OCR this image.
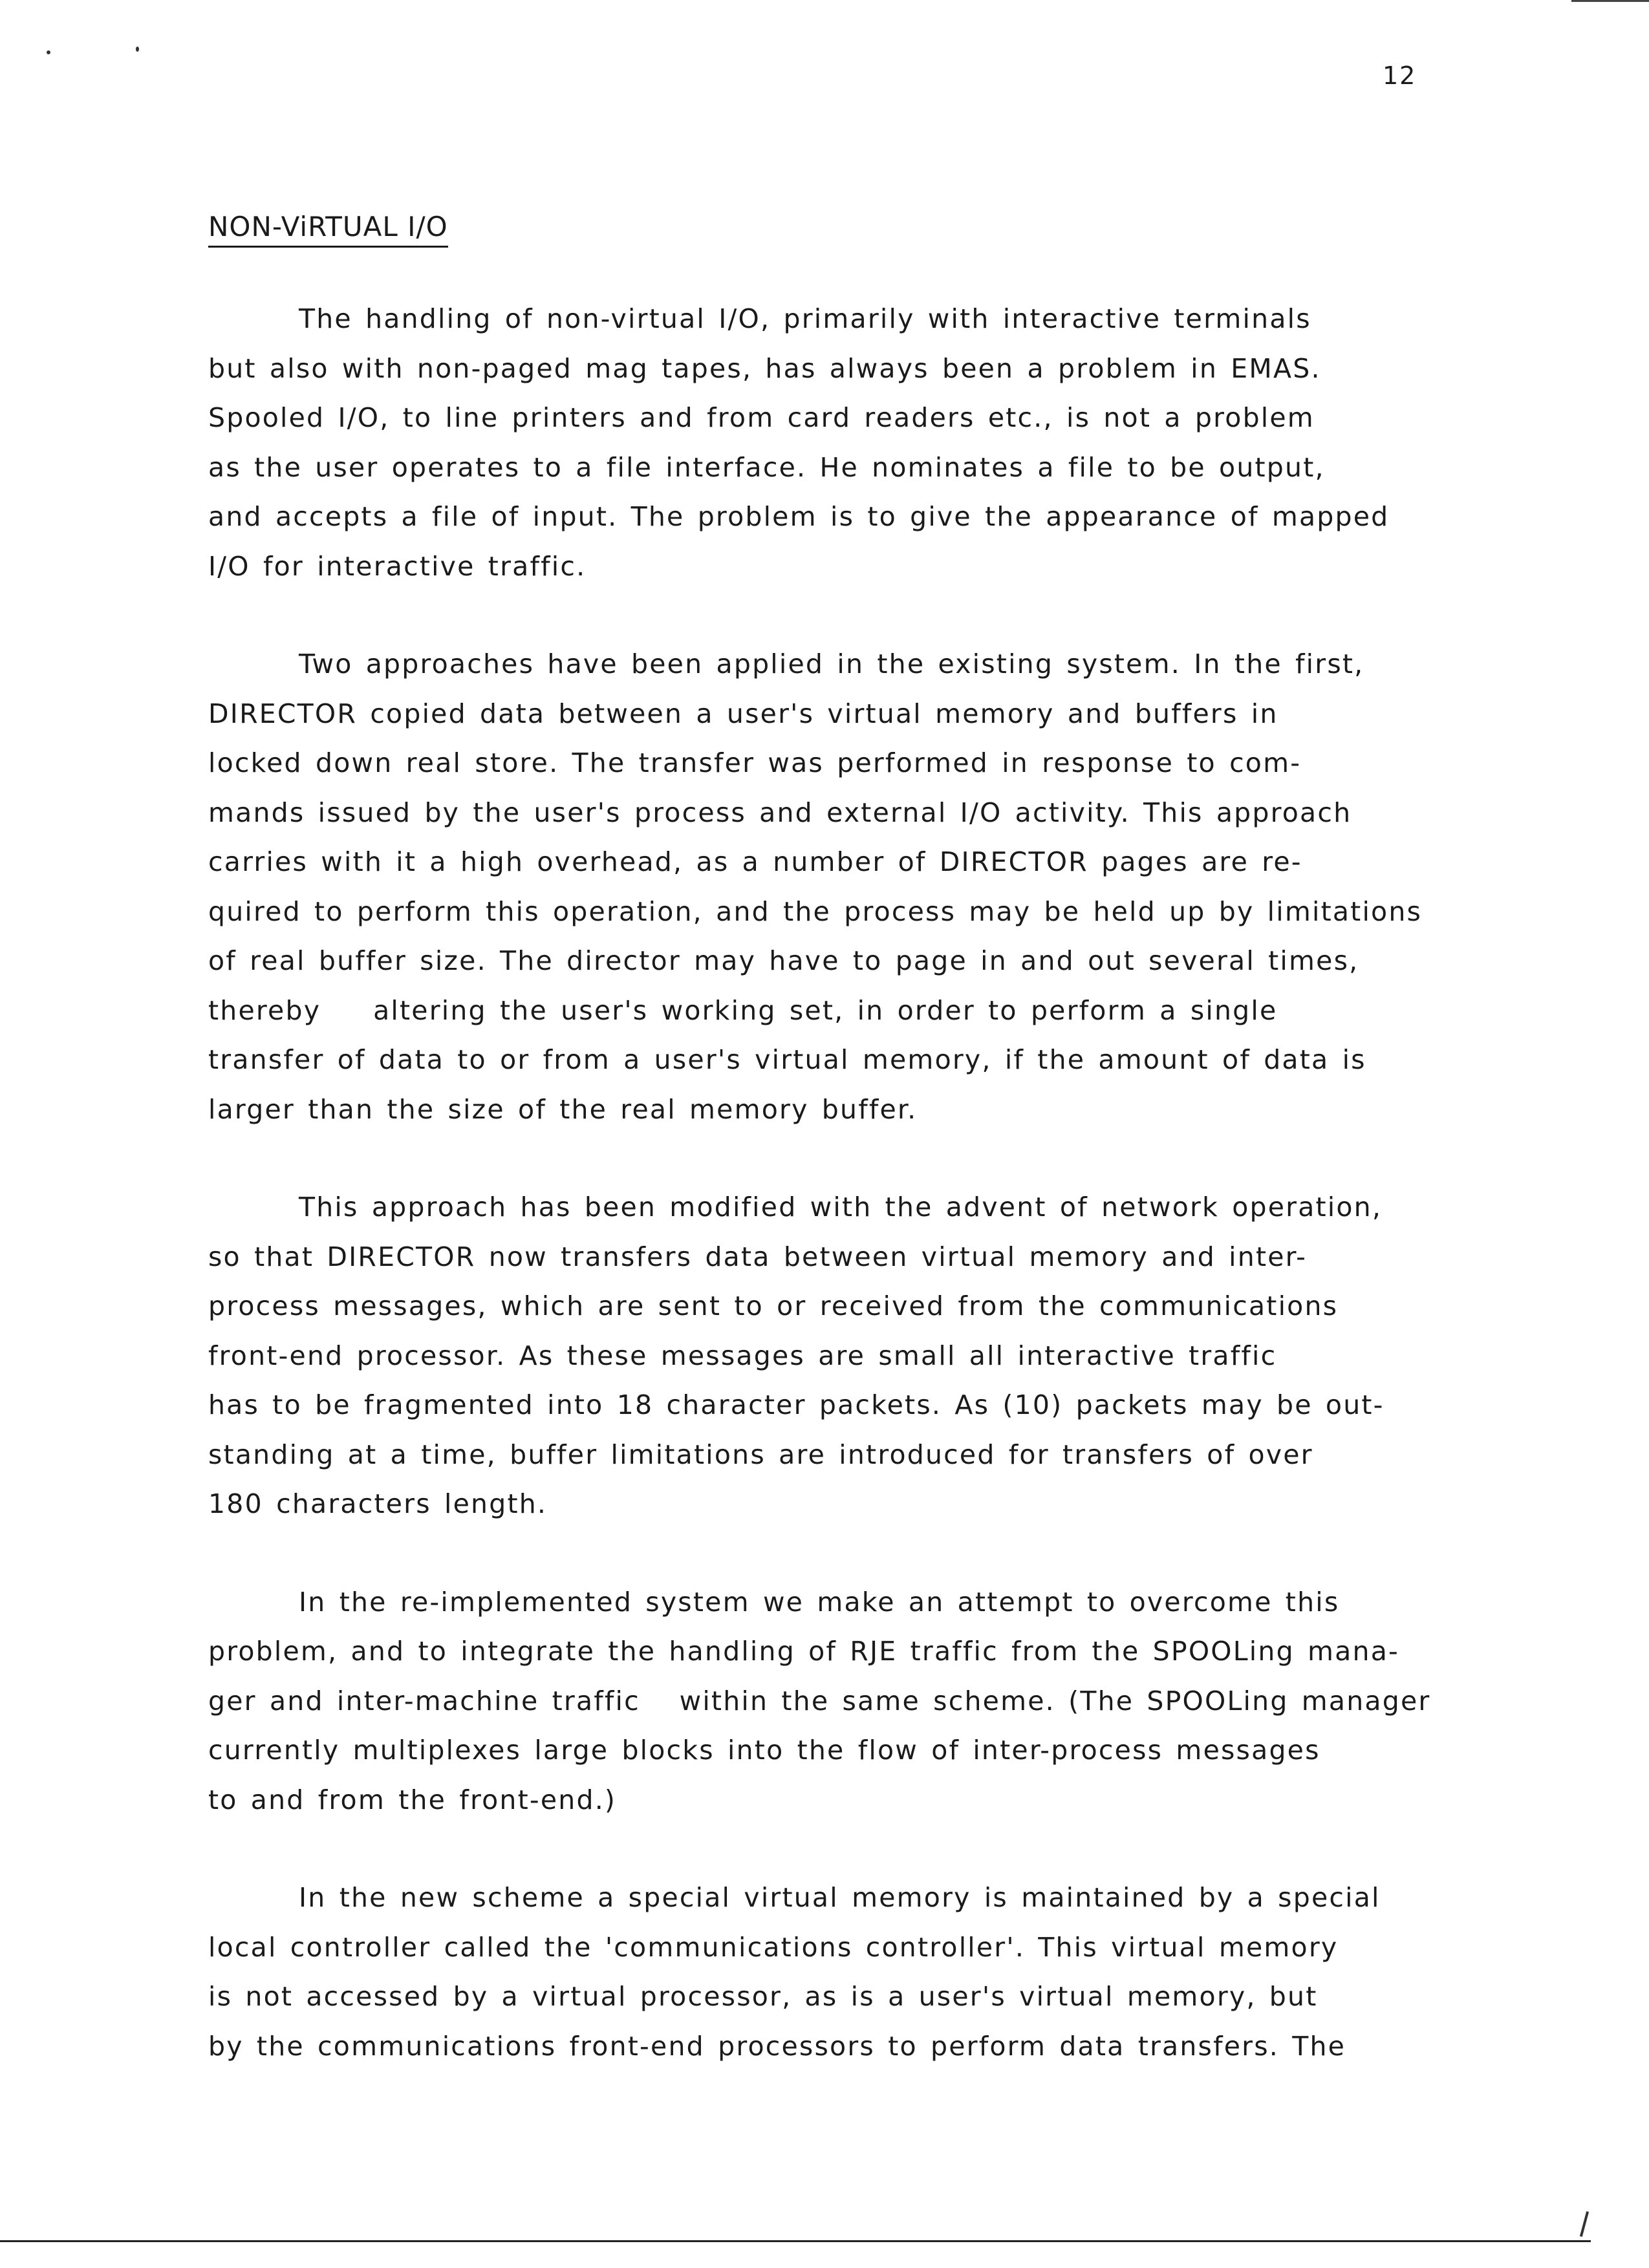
12
NON-ViRTUAL I/O
The handling of non-virtual I/O, primarily with interactive terminals
but also with non-paged mag tapes, has always been a problem in EMAS.
Spooled I/O, to line printers and from card readers etc., is not a problem
as the user operates to a file interface. He nominates a file to be output,
and accepts a file of input. The problem is to give the appearance of mapped
I/O for interactive traffic.
Two approaches have been applied in the existing system. In the first,
DIRECTOR copied data between a user's virtual memory and buffers in
locked down real store. The transfer was performed in response to com-
mands issued by the user's process and external I/O activity. This approach
carries with it a high overhead, as a number of DIRECTOR pages are re-
quired to perform this operation, and the process may be held up by limitations
of real buffer size. The director may have to page in and out several times,
thereby    altering the user's working set, in order to perform a single
transfer of data to or from a user's virtual memory, if the amount of data is
larger than the size of the real memory buffer.
This approach has been modified with the advent of network operation,
so that DIRECTOR now transfers data between virtual memory and inter-
process messages, which are sent to or received from the communications
front-end processor. As these messages are small all interactive traffic
has to be fragmented into 18 character packets. As (10) packets may be out-
standing at a time, buffer limitations are introduced for transfers of over
180 characters length.
In the re-implemented system we make an attempt to overcome this
problem, and to integrate the handling of RJE traffic from the SPOOLing mana-
ger and inter-machine traffic   within the same scheme. (The SPOOLing manager
currently multiplexes large blocks into the flow of inter-process messages
to and from the front-end.)
In the new scheme a special virtual memory is maintained by a special
local controller called the 'communications controller'. This virtual memory
is not accessed by a virtual processor, as is a user's virtual memory, but
by the communications front-end processors to perform data transfers. The
